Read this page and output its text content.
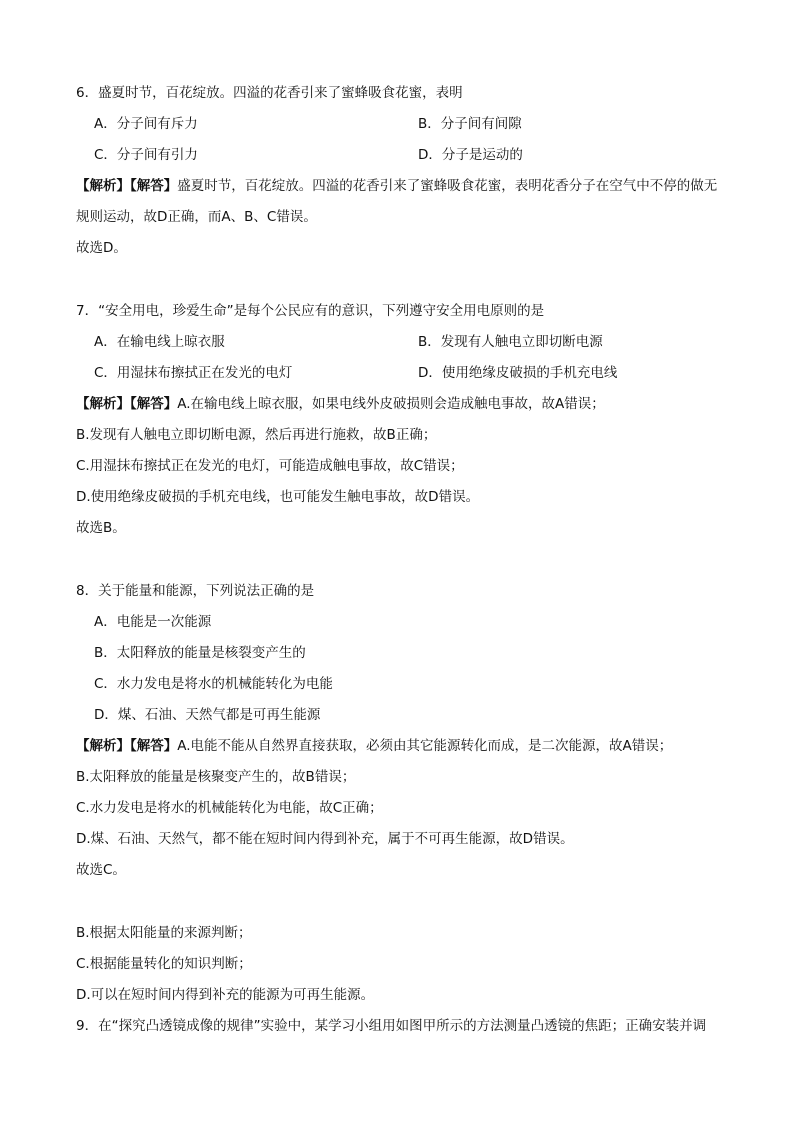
6．盛夏时节，百花绽放。四溢的花香引来了蜜蜂吸食花蜜，表明
A．分子间有斥力	B．分子间有间隙
C．分子间有引力	D．分子是运动的
【解析】【解答】盛夏时节，百花绽放。四溢的花香引来了蜜蜂吸食花蜜，表明花香分子在空气中不停的做无
规则运动，故D正确，而A、B、C错误。
故选D。
7．“安全用电，珍爱生命”是每个公民应有的意识，下列遵守安全用电原则的是
A．在输电线上晾衣服	B．发现有人触电立即切断电源
C．用湿抹布擦拭正在发光的电灯	D．使用绝缘皮破损的手机充电线
【解析】【解答】A.在输电线上晾衣服，如果电线外皮破损则会造成触电事故，故A错误；
B.发现有人触电立即切断电源，然后再进行施救，故B正确；
C.用湿抹布擦拭正在发光的电灯，可能造成触电事故，故C错误；
D.使用绝缘皮破损的手机充电线，也可能发生触电事故，故D错误。
故选B。
8．关于能量和能源，下列说法正确的是
A．电能是一次能源
B．太阳释放的能量是核裂变产生的
C．水力发电是将水的机械能转化为电能
D．煤、石油、天然气都是可再生能源
【解析】【解答】A.电能不能从自然界直接获取，必须由其它能源转化而成，是二次能源，故A错误；
B.太阳释放的能量是核聚变产生的，故B错误；
C.水力发电是将水的机械能转化为电能，故C正确；
D.煤、石油、天然气，都不能在短时间内得到补充，属于不可再生能源，故D错误。
故选C。
B.根据太阳能量的来源判断；
C.根据能量转化的知识判断；
D.可以在短时间内得到补充的能源为可再生能源。
9．在“探究凸透镜成像的规律”实验中，某学习小组用如图甲所示的方法测量凸透镜的焦距；正确安装并调
